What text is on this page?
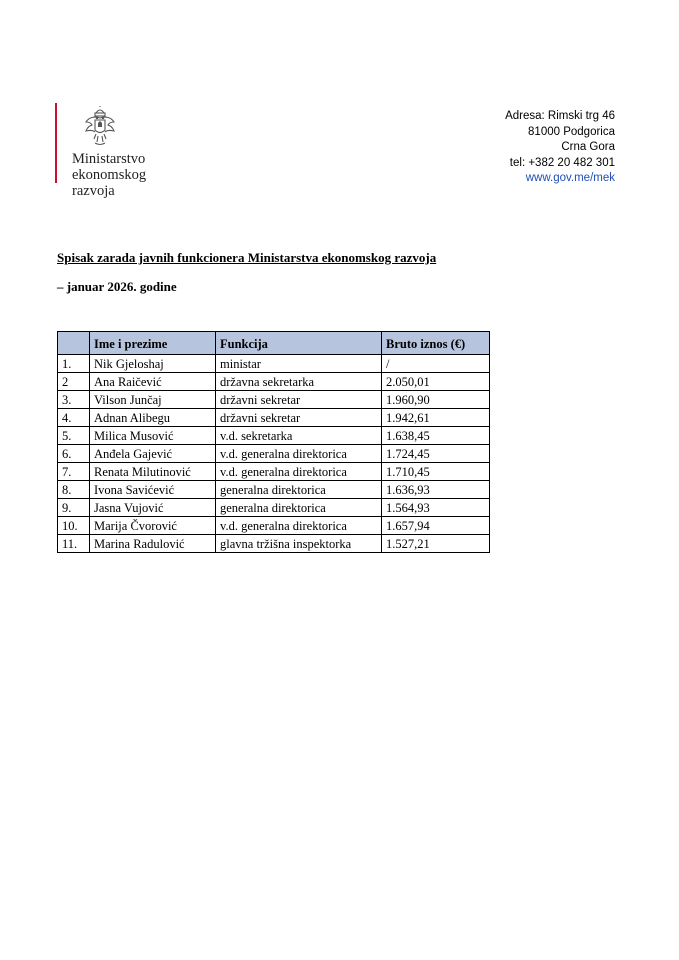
Ministarstvo
ekonomskog
razvoja
Adresa: Rimski trg 46
81000 Podgorica
Crna Gora
tel: +382 20 482 301
www.gov.me/mek
Spisak zarada javnih funkcionera Ministarstva ekonomskog razvoja
– januar 2026. godine
	Ime i prezime	Funkcija	Bruto iznos (€)
1.	Nik Gjeloshaj	ministar	/
2	Ana Raičević	državna sekretarka	2.050,01
3.	Vilson Junčaj	državni sekretar	1.960,90
4.	Adnan Alibegu	državni sekretar	1.942,61
5.	Milica Musović	v.d. sekretarka	1.638,45
6.	Anđela Gajević	v.d. generalna direktorica	1.724,45
7.	Renata Milutinović	v.d. generalna direktorica	1.710,45
8.	Ivona Savićević	generalna direktorica	1.636,93
9.	Jasna Vujović	generalna direktorica	1.564,93
10.	Marija Čvorović	v.d. generalna direktorica	1.657,94
11.	Marina Radulović	glavna tržišna inspektorka	1.527,21
